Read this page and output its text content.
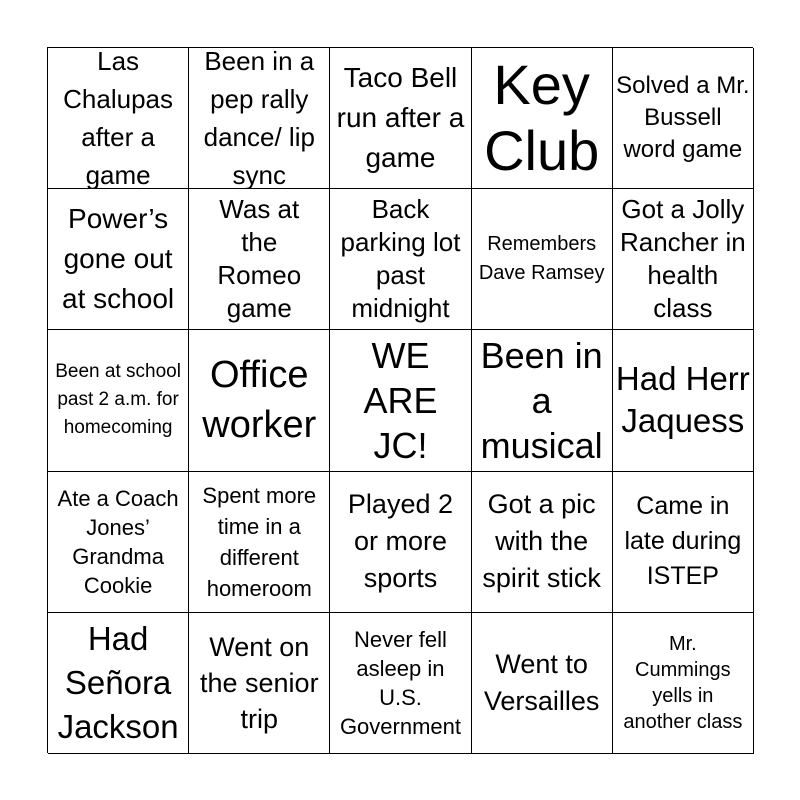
Las Chalupas after a game
Been in a pep rally dance/ lip sync
Taco Bell run after a game
Key Club
Solved a Mr. Bussell word game
Power’s gone out at school
Was at the Romeo game
Back parking lot past midnight
Remembers Dave Ramsey
Got a Jolly Rancher in health class
Been at school past 2 a.m. for homecoming
Office worker
WE ARE JC!
Been in a musical
Had Herr Jaquess
Ate a Coach Jones’ Grandma Cookie
Spent more time in a different homeroom
Played 2 or more sports
Got a pic with the spirit stick
Came in late during ISTEP
Had Señora Jackson
Went on the senior trip
Never fell asleep in U.S. Government
Went to Versailles
Mr. Cummings yells in another class
